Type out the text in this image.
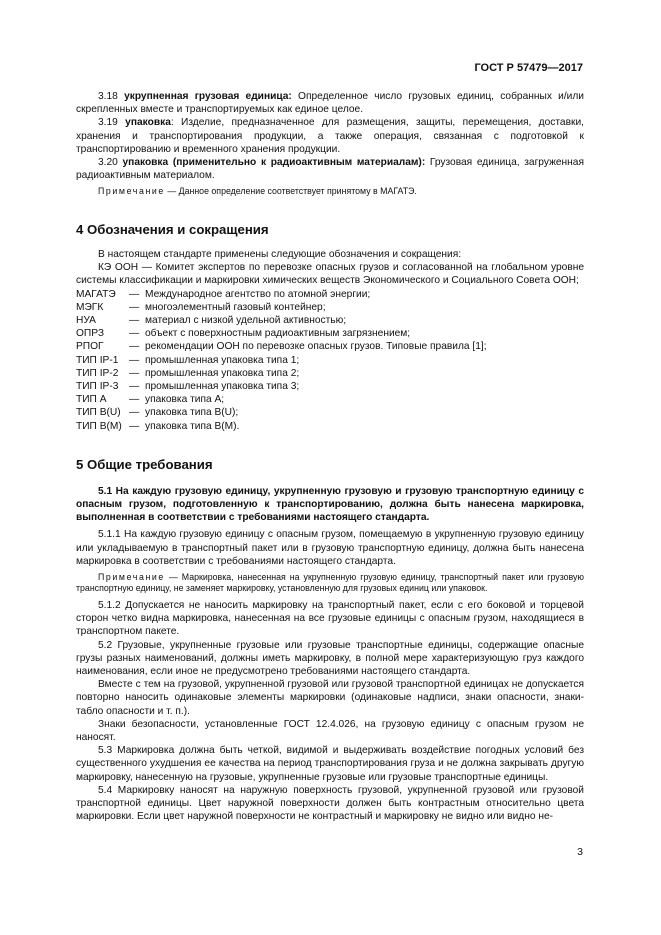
ГОСТ Р 57479—2017

3.18 укрупненная грузовая единица: Определенное число грузовых единиц, собранных и/или скрепленных вместе и транспортируемых как единое целое.

3.19 упаковка: Изделие, предназначенное для размещения, защиты, перемещения, доставки, хранения и транспортирования продукции, а также операция, связанная с подготовкой к транспортированию и временного хранения продукции.

3.20 упаковка (применительно к радиоактивным материалам): Грузовая единица, загруженная радиоактивным материалом.

Примечание — Данное определение соответствует принятому в МАГАТЭ.

4 Обозначения и сокращения

В настоящем стандарте применены следующие обозначения и сокращения:

КЭ ООН — Комитет экспертов по перевозке опасных грузов и согласованной на глобальном уровне системы классификации и маркировки химических веществ Экономического и Социального Совета ООН;

МАГАТЭ	— Международное агентство по атомной энергии;
МЭГК	— многоэлементный газовый контейнер;
НУА	— материал с низкой удельной активностью;
ОПРЗ	— объект с поверхностным радиоактивным загрязнением;
РПОГ	— рекомендации ООН по перевозке опасных грузов. Типовые правила [1];
ТИП IP-1	— промышленная упаковка типа 1;
ТИП IP-2	— промышленная упаковка типа 2;
ТИП IP-3	— промышленная упаковка типа 3;
ТИП А	— упаковка типа А;
ТИП B(U) — упаковка типа B(U);
ТИП B(M) — упаковка типа B(M).
5 Общие требования

5.1 На каждую грузовую единицу, укрупненную грузовую и грузовую транспортную единицу с опасным грузом, подготовленную к транспортированию, должна быть нанесена маркировка, выполненная в соответствии с требованиями настоящего стандарта.

5.1.1 На каждую грузовую единицу с опасным грузом, помещаемую в укрупненную грузовую единицу или укладываемую в транспортный пакет или в грузовую транспортную единицу, должна быть нанесена маркировка в соответствии с требованиями настоящего стандарта.

Примечание — Маркировка, нанесенная на укрупненную грузовую единицу, транспортный пакет или грузовую транспортную единицу, не заменяет маркировку, установленную для грузовых единиц или упаковок.

5.1.2 Допускается не наносить маркировку на транспортный пакет, если с его боковой и торцевой сторон четко видна маркировка, нанесенная на все грузовые единицы с опасным грузом, находящиеся в транспортном пакете.

5.2 Грузовые, укрупненные грузовые или грузовые транспортные единицы, содержащие опасные грузы разных наименований, должны иметь маркировку, в полной мере характеризующую груз каждого наименования, если иное не предусмотрено требованиями настоящего стандарта.

Вместе с тем на грузовой, укрупненной грузовой или грузовой транспортной единицах не допускается повторно наносить одинаковые элементы маркировки (одинаковые надписи, знаки опасности, знаки-табло опасности и т. п.).

Знаки безопасности, установленные ГОСТ 12.4.026, на грузовую единицу с опасным грузом не наносят.

5.3 Маркировка должна быть четкой, видимой и выдерживать воздействие погодных условий без существенного ухудшения ее качества на период транспортирования груза и не должна закрывать другую маркировку, нанесенную на грузовые, укрупненные грузовые или грузовые транспортные единицы.

5.4 Маркировку наносят на наружную поверхность грузовой, укрупненной грузовой или грузовой транспортной единицы. Цвет наружной поверхности должен быть контрастным относительно цвета маркировки. Если цвет наружной поверхности не контрастный и маркировку не видно или видно не-

3
